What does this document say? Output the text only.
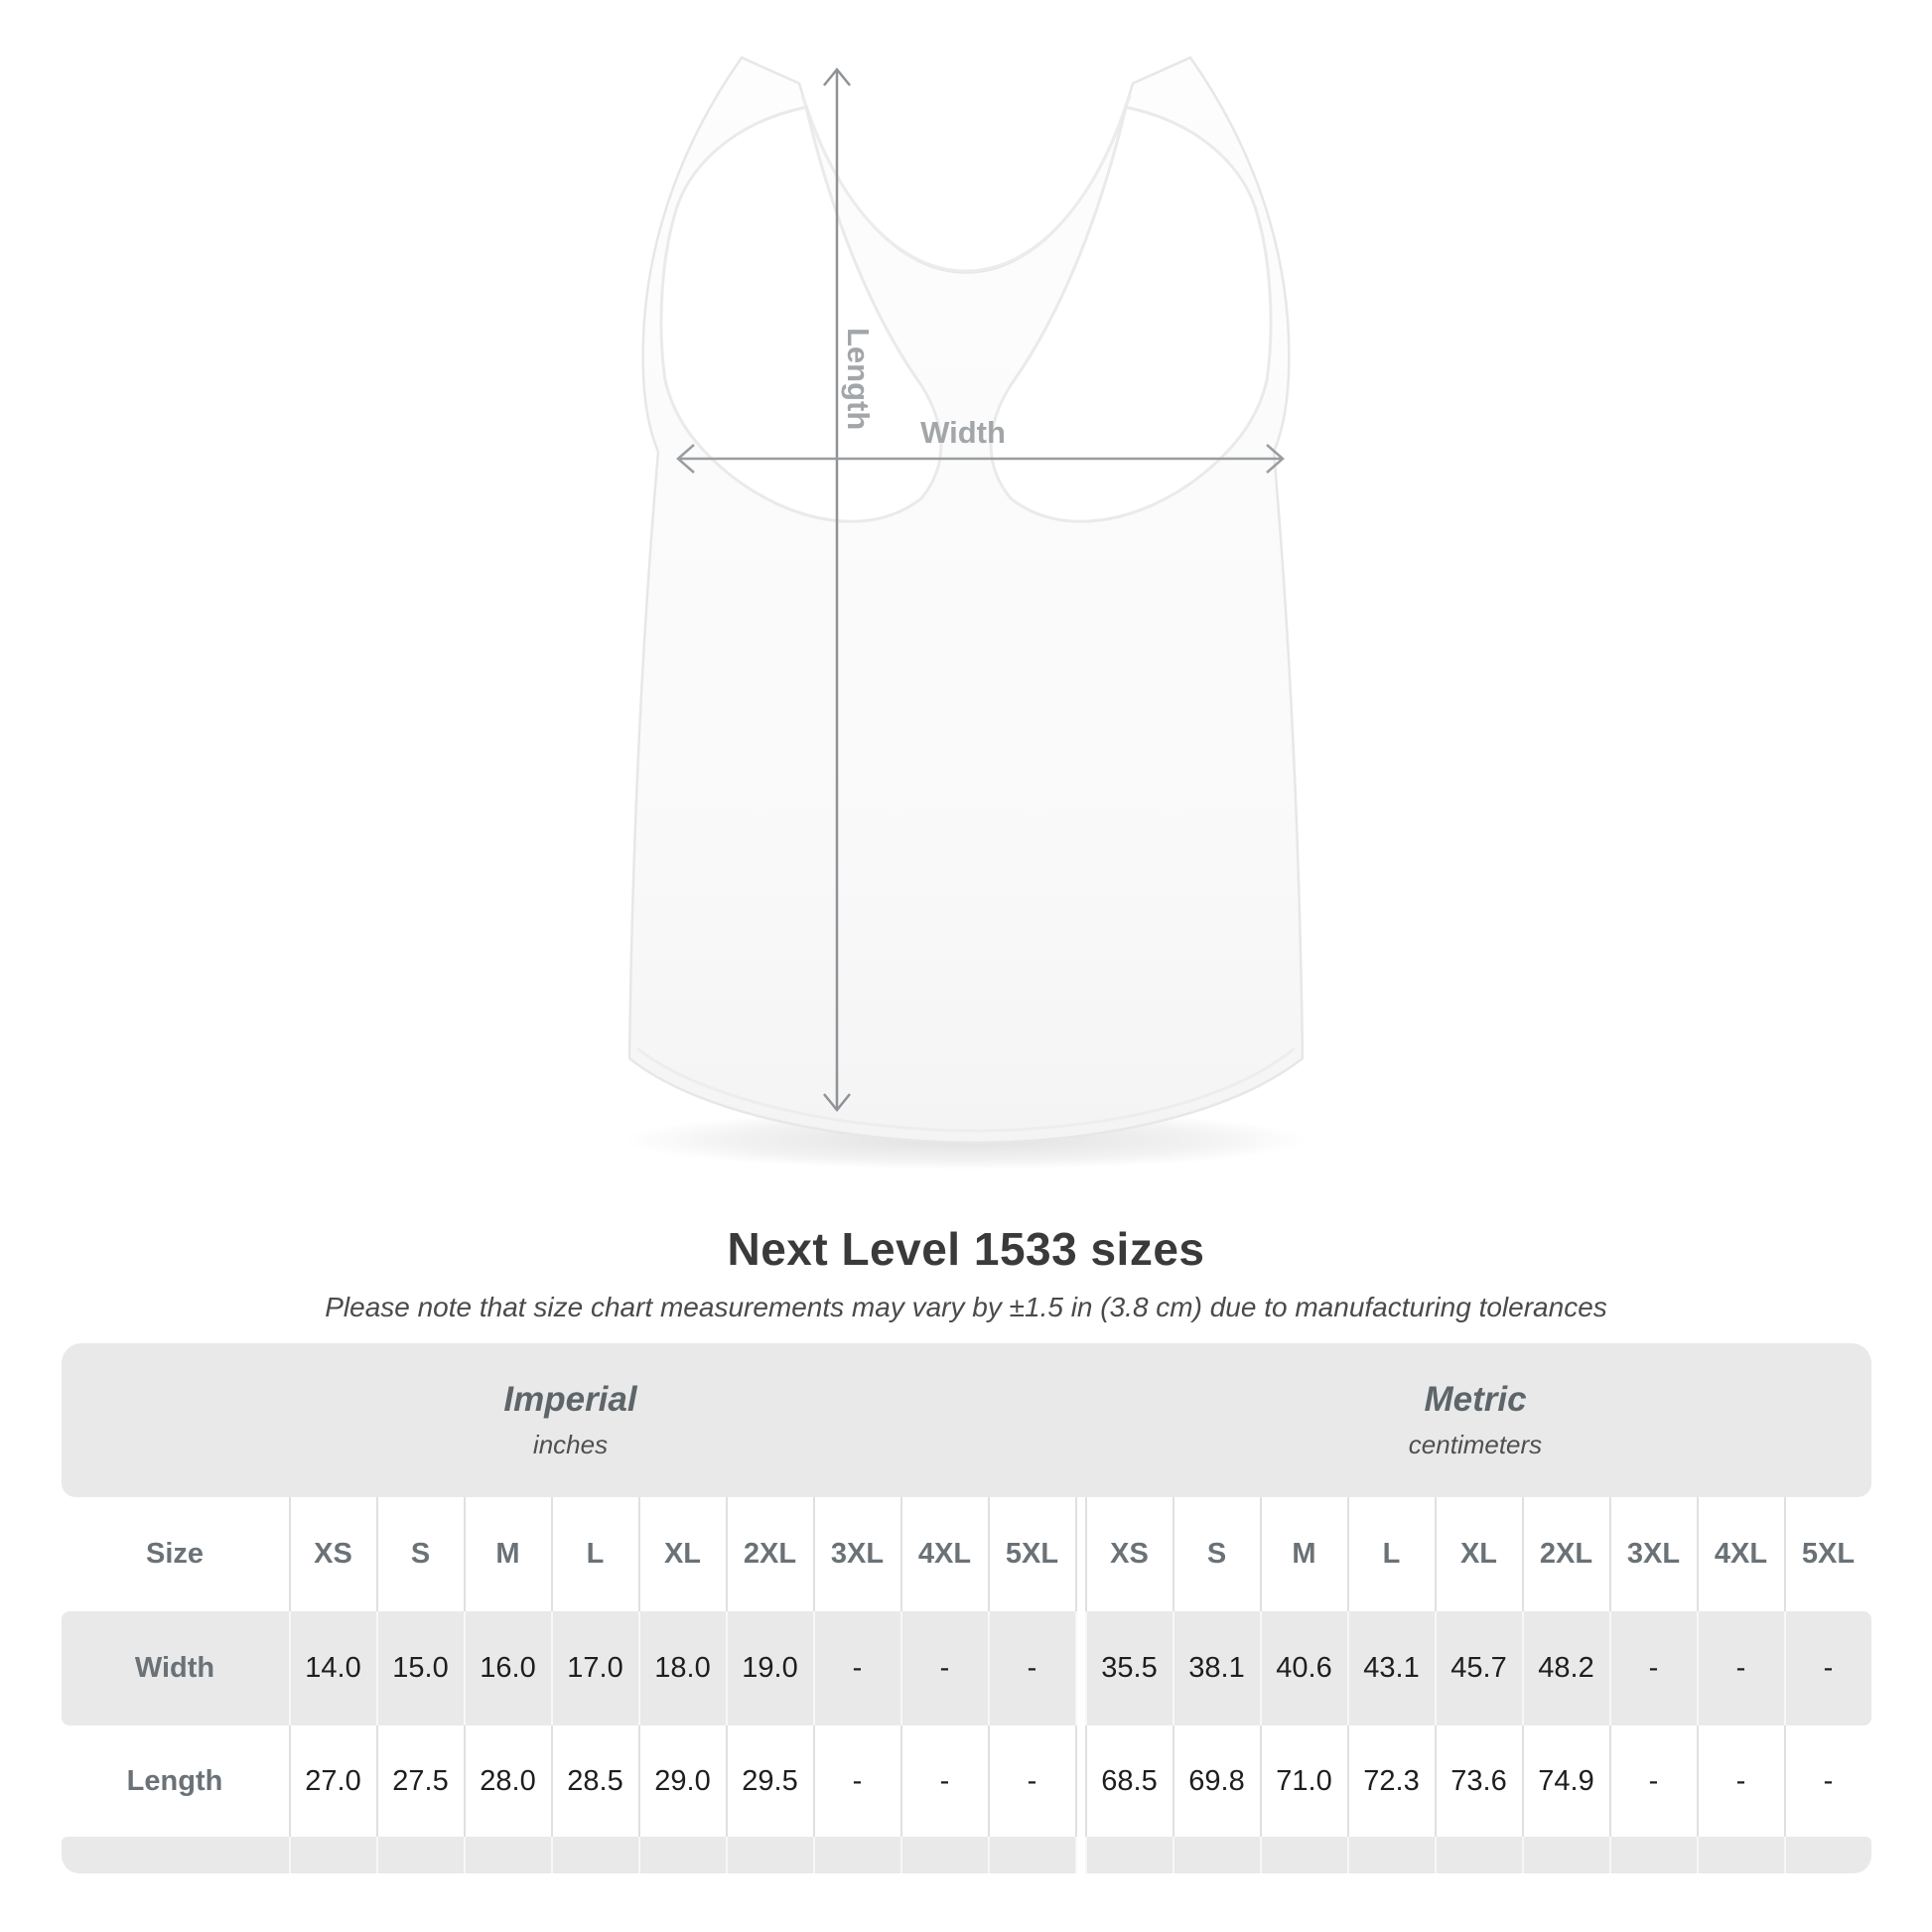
Length
Width
Next Level 1533 sizes
Please note that size chart measurements may vary by ±1.5 in (3.8 cm) due to manufacturing tolerances
Imperial
inches
Metric
centimeters
Size	XS	S	M	L	XL	2XL	3XL	4XL	5XL	XS	S	M	L	XL	2XL	3XL	4XL	5XL
Width	14.0	15.0	16.0	17.0	18.0	19.0	-	-	-	35.5	38.1	40.6	43.1	45.7	48.2	-	-	-
Length	27.0	27.5	28.0	28.5	29.0	29.5	-	-	-	68.5	69.8	71.0	72.3	73.6	74.9	-	-	-
